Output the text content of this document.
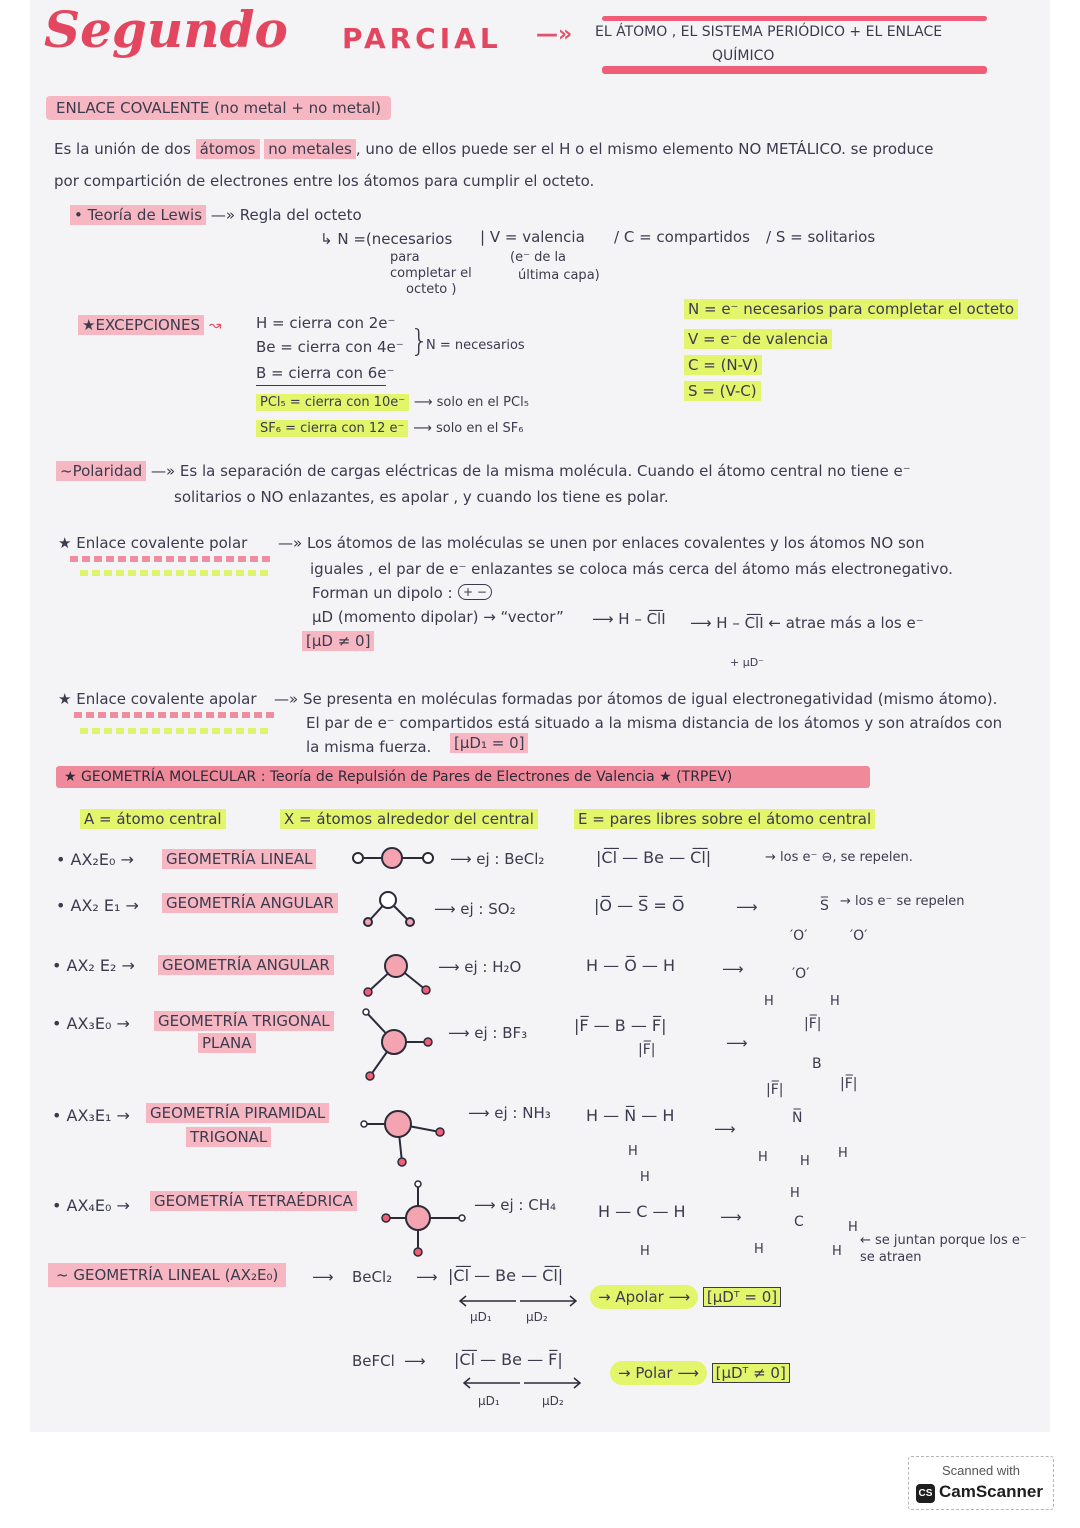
Segundo PARCIAL —» EL ÁTOMO , EL SISTEMA PERIÓDICO + EL ENLACE
QUÍMICO
ENLACE COVALENTE (no metal + no metal)
Es la unión de dos átomos no metales , uno de ellos puede ser el H o el mismo elemento NO METÁLICO. se produce
por compartición de electrones entre los átomos para cumplir el octeto.
• Teoría de Lewis —» Regla del octeto
↳ N =(necesarios
para
completar el
octeto )
| V = valencia
(e⁻ de la
última capa)
/ C = compartidos / S = solitarios
★EXCEPCIONES ↝ H = cierra con 2e⁻
Be = cierra con 4e⁻
B = cierra con 6e⁻
}
N = necesarios
PCl₅ = cierra con 10e⁻ ⟶ solo en el PCl₅
SF₆ = cierra con 12 e⁻ ⟶ solo en el SF₆
N = e⁻ necesarios para completar el octeto
V = e⁻ de valencia
C = (N-V)
S = (V-C)
~Polaridad —» Es la separación de cargas eléctricas de la misma molécula. Cuando el átomo central no tiene e⁻
solitarios o NO enlazantes, es apolar , y cuando los tiene es polar.
★ Enlace covalente polar —» Los átomos de las moléculas se unen por enlaces covalentes y los átomos NO son
iguales , el par de e⁻ enlazantes se coloca más cerca del átomo más electronegativo.
Forman un dipolo : + −
μD (momento dipolar) → “vector” ⟶ H – C̅l̅I ⟶ H – C̅l̅I ← atrae más a los e⁻
+ μD⁻
[μD ≠ 0]
★ Enlace covalente apolar —» Se presenta en moléculas formadas por átomos de igual electronegatividad (mismo átomo).
El par de e⁻ compartidos está situado a la misma distancia de los átomos y son atraídos con
la misma fuerza. [μD₁ = 0]
★ GEOMETRÍA MOLECULAR : Teoría de Repulsión de Pares de Electrones de Valencia ★ (TRPEV)
A = átomo central	X = átomos alrededor del central	E = pares libres sobre el átomo central
• AX₂E₀ → GEOMETRÍA LINEAL	⟶ ej : BeCl₂	|C̅l̅ — Be — C̅l̅|	→ los e⁻ ⊖, se repelen.
• AX₂ E₁ → GEOMETRÍA ANGULAR	⟶ ej : SO₂	|O̅ — S̅ = O̅	⟶	S̅
′O′	′O′
→ los e⁻ se repelen
• AX₂ E₂ → GEOMETRÍA ANGULAR	⟶ ej : H₂O	H — O̅ — H	⟶	′O′
H	H
• AX₃E₀ → GEOMETRÍA TRIGONAL
PLANA
⟶ ej : BF₃	|F̅ — B — F̅|
|F̅|	⟶
|F̅|
B
|F̅|	|F̅|
• AX₃E₁ → GEOMETRÍA PIRAMIDAL
TRIGONAL
⟶ ej : NH₃ H — N̅ — H
H
⟶
N̅
H H
H
• AX₄E₀ → GEOMETRÍA TETRAÉDRICA	⟶ ej : CH₄
H
H — C — H
H
⟶
H
C	H
H	H
← se juntan porque los e⁻ se atraen
~ GEOMETRÍA LINEAL (AX₂E₀)	⟶ BeCl₂ ⟶ |C̅l̅ — Be — C̅l̅|
μD₁	μD₂
→ Apolar ⟶ [μDᵀ = 0]
BeFCl ⟶ |C̅l̅ — Be — F̅|
μD₁	μD₂
→ Polar ⟶ [μDᵀ ≠ 0]
Scanned with
CS CamScanner
